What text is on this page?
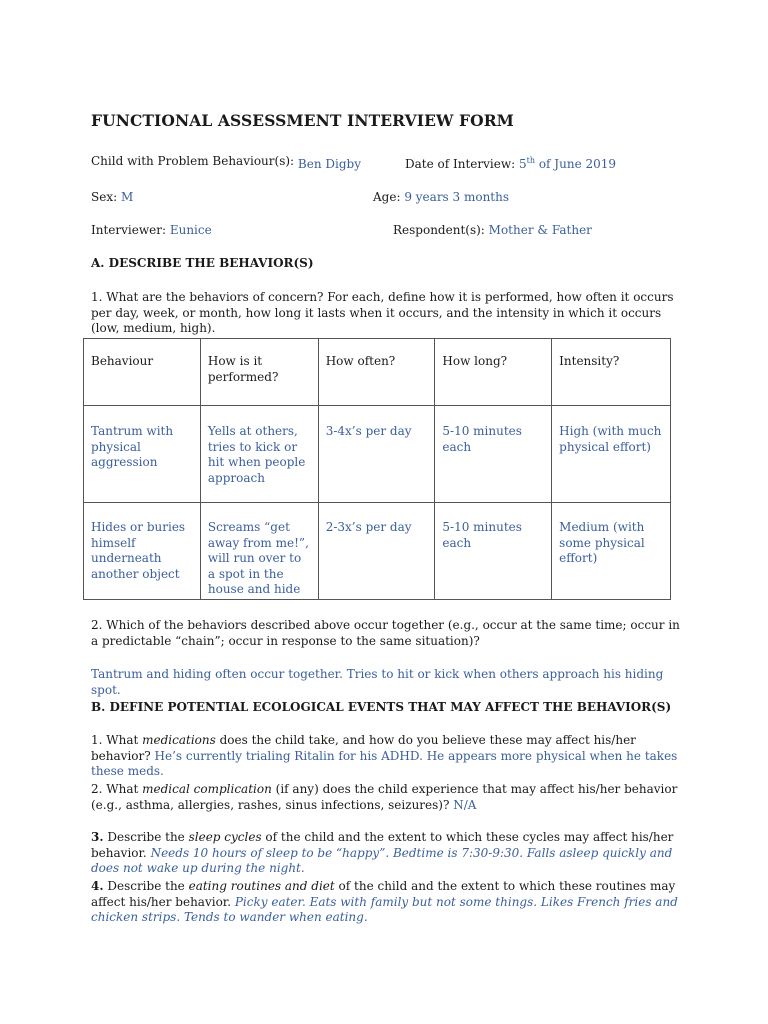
FUNCTIONAL ASSESSMENT INTERVIEW FORM
Child with Problem Behaviour(s): Ben Digby	Date of Interview: 5th of June 2019
Sex: M	Age: 9 years 3 months
Interviewer: Eunice	Respondent(s): Mother & Father
A. DESCRIBE THE BEHAVIOR(S)
1. What are the behaviors of concern? For each, define how it is performed, how often it occurs per day, week, or month, how long it lasts when it occurs, and the intensity in which it occurs (low, medium, high).
Behaviour	How is it performed?	How often?	How long?	Intensity?
Tantrum with physical aggression	Yells at others, tries to kick or hit when people approach	3-4x’s per day	5-10 minutes each	High (with much physical effort)
Hides or buries himself underneath another object	Screams “get away from me!”, will run over to a spot in the house and hide	2-3x’s per day	5-10 minutes each	Medium (with some physical effort)
2. Which of the behaviors described above occur together (e.g., occur at the same time; occur in a predictable “chain”; occur in response to the same situation)?
Tantrum and hiding often occur together. Tries to hit or kick when others approach his hiding spot.
B. DEFINE POTENTIAL ECOLOGICAL EVENTS THAT MAY AFFECT THE BEHAVIOR(S)
1. What medications does the child take, and how do you believe these may affect his/her behavior? He’s currently trialing Ritalin for his ADHD. He appears more physical when he takes these meds.
2. What medical complication (if any) does the child experience that may affect his/her behavior (e.g., asthma, allergies, rashes, sinus infections, seizures)? N/A
3. Describe the sleep cycles of the child and the extent to which these cycles may affect his/her behavior. Needs 10 hours of sleep to be “happy”. Bedtime is 7:30-9:30. Falls asleep quickly and does not wake up during the night.
4. Describe the eating routines and diet of the child and the extent to which these routines may affect his/her behavior. Picky eater. Eats with family but not some things. Likes French fries and chicken strips. Tends to wander when eating.
